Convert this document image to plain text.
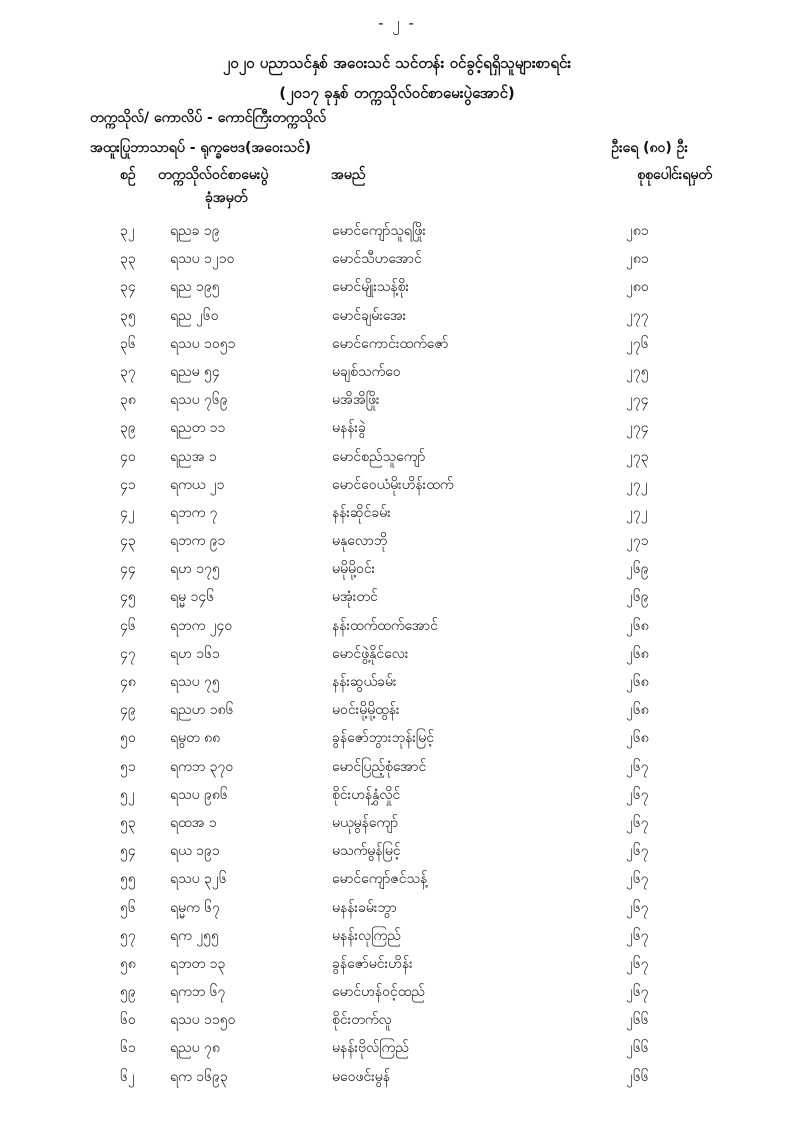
- ၂ -
၂၀၂၀ ပညာသင်နှစ် အဝေးသင် သင်တန်း ဝင်ခွင့်ရရှိသူများစာရင်း
(၂၀၁၇ ခုနှစ် တက္ကသိုလ်ဝင်စာမေးပွဲအောင်)
တက္ကသိုလ်/ ကောလိပ် - ‌ကောင်ကြီးတက္ကသိုလ်
အထူးပြုဘာသာရပ် - ရုက္ခဗေဒ(အဝေးသင်)	ဦးရေ (၈၀) ဦး
စဉ် တက္ကသိုလ်ဝင်စာမေးပွဲ
ခုံအမှတ်
အမည်	စုစုပေါင်းရမှတ်
၃၂	ရညခ ၁၉	မောင်ကျော်သူရဖြိုး	၂၈၁
၃၃ ရသပ ၁၂၁၀	မောင်သီဟအောင်	၂၈၁
၃၄ ရည ၁၉၅	မောင်မျိုးသန့်စိုး	၂၈၀
၃၅ ရည ၂၆၀	မောင်ချမ်းအေး	၂၇၇
၃၆ ရသပ ၁၀၅၁	မောင်ကောင်းထက်ဇော်	၂၇၆
၃၇ ရညမ ၅၄	မချစ်သက်ဝေ	၂၇၅
၃၈ ရသပ ၇၆၉	မအိအိဖြိုး	၂၇၄
၃၉ ရညတ ၁၁	မနန်းခွဲ	၂၇၄
၄၀ ရညအ ၁	မောင်စည်သူကျော်	၂၇၃
၄၁ ရကယ ၂၁	မောင်ဝေယံမိုးဟိန်းထက်	၂၇၂
၄၂	ရဘက ၇	နန်းဆိုင်ခမ်း	၂၇၂
၄၃ ရဘက ၉၁	မနုလောဘို	၂၇၁
၄၄ ရဟ ၁၇၅	မမိုမို့ဝင်း	၂၆၉
၄၅ ရမ္မ ၁၄၆	မအုံးတင်	၂၆၉
၄၆ ရဘက ၂၄၀	နန်းထက်ထက်အောင်	၂၆၈
၄၇ ရဟ ၁၆၁	မောင်ဖွဲ့နိုင်လေး	၂၆၈
၄၈ ရသပ ၇၅	နန်းဆွယ်ခမ်း	၂၆၈
၄၉ ရညဟ ၁၈၆	မဝင်းမို့မို့ထွန်း	၂၆၈
၅၀ ရမွတ ၈၈	ခွန်ဇော်ဘွားဘုန်းမြင့်	၂၆၈
၅၁ ရကဘ ၃၇၀	မောင်ပြည့်စုံအောင်	၂၆၇
၅၂	ရသပ ၉၈၆	စိုင်းဟန်နွှံလှိုင်	၂၆၇
၅၃ ရထအ ၁	မယုမွန်ကျော်	၂၆၇
၅၄ ရယ ၁၉၁	မသက်မွန်မြင့်	၂၆၇
၅၅ ရသပ ၃၂၆	မောင်ကျော်ဇင်သန့်	၂၆၇
၅၆ ရမ္မက ၆၇	မနန်းခမ်းဘွာ	၂၆၇
၅၇ ရက ၂၅၅	မနန်းလုကြည်	၂၆၇
၅၈ ရဘတ ၁၃	ခွန်ဇော်မင်းဟိန်း	၂၆၇
၅၉ ရကဘ ၆၇	မောင်ဟန်ဝင့်ထည်	၂၆၇
၆၀ ရသပ ၁၁၅၀	စိုင်းတက်လူ	၂၆၆
၆၁ ရညပ ၇၈	မနန်းဗိုလ်ကြည်	၂၆၆
၆၂	ရက ၁၆၉၃	မဝေဖင်းမွန်	၂၆၆
